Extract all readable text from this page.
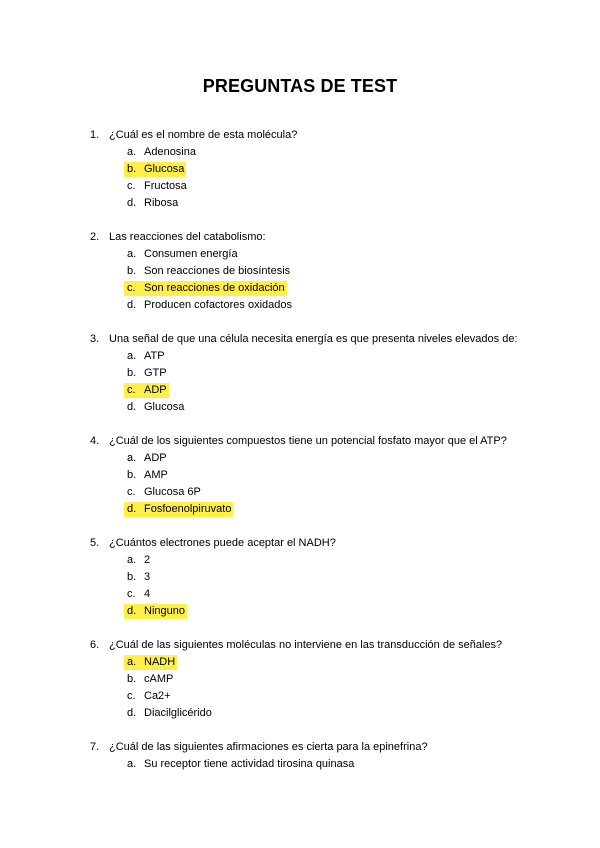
PREGUNTAS DE TEST
1. ¿Cuál es el nombre de esta molécula?
a. Adenosina
b. Glucosa
c. Fructosa
d. Ribosa
2. Las reacciones del catabolismo:
a. Consumen energía
b. Son reacciones de biosíntesis
c. Son reacciones de oxidación
d. Producen cofactores oxidados
3. Una señal de que una célula necesita energía es que presenta niveles elevados de:
a. ATP
b. GTP
c. ADP
d. Glucosa
4. ¿Cuál de los siguientes compuestos tiene un potencial fosfato mayor que el ATP?
a. ADP
b. AMP
c. Glucosa 6P
d. Fosfoenolpiruvato
5. ¿Cuántos electrones puede aceptar el NADH?
a. 2
b. 3
c. 4
d. Ninguno
6. ¿Cuál de las siguientes moléculas no interviene en las transducción de señales?
a. NADH
b. cAMP
c. Ca2+
d. Diacilglicérido
7. ¿Cuál de las siguientes afirmaciones es cierta para la epinefrina?
a. Su receptor tiene actividad tirosina quinasa
